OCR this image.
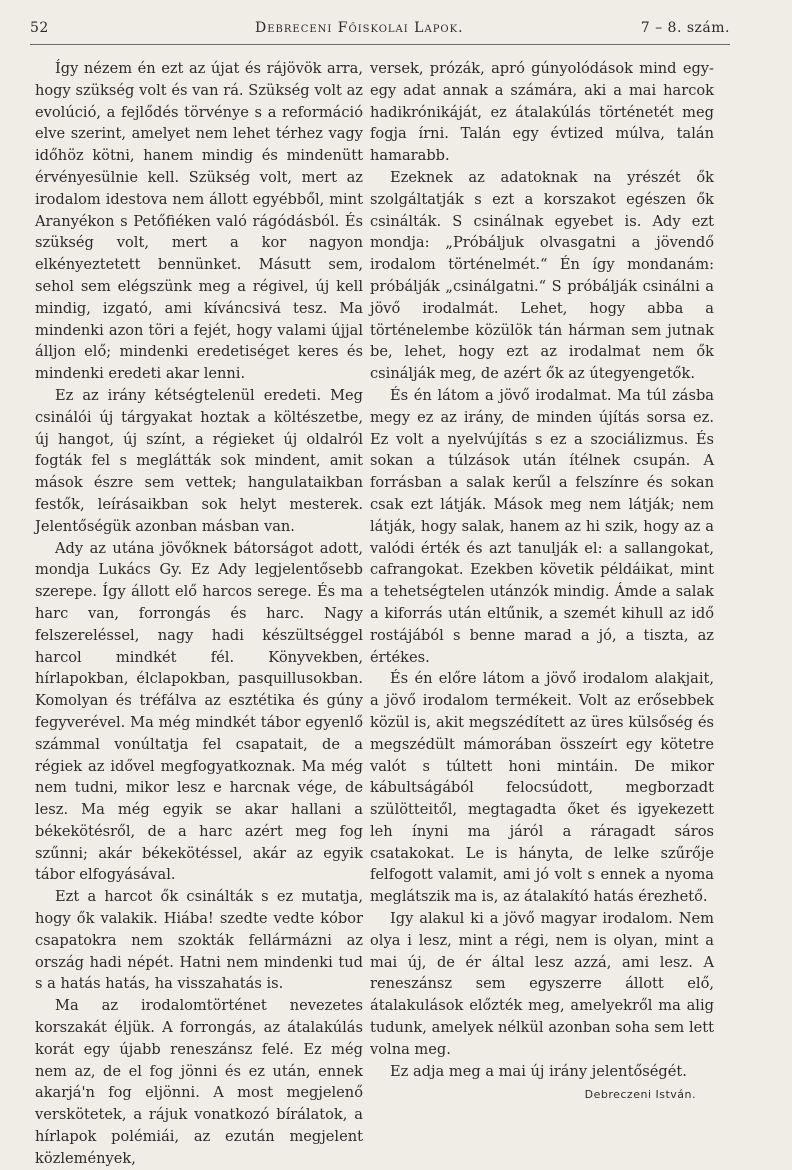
52	Debreceni Főiskolai Lapok.	7 – 8. szám.

Így nézem én ezt az újat és rájövök arra, hogy szükség volt és van rá. Szükség volt az evolúció, a fejlődés törvénye s a reformáció elve szerint, amelyet nem lehet térhez vagy időhöz kötni, hanem mindig és mindenütt érvényesülnie kell. Szükség volt, mert az irodalom idestova nem állott egyébből, mint Aranyékon s Petőfiéken való rágódásból. És szükség volt, mert a kor nagyon elkényeztetett bennünket. Másutt sem, sehol sem elégszünk meg a régivel, új kell mindig, izgató, ami kíváncsivá tesz. Ma mindenki azon töri a fejét, hogy valami újjal álljon elő; mindenki eredetiséget keres és mindenki eredeti akar lenni.

Ez az irány kétségtelenül eredeti. Meg csinálói új tárgyakat hoztak a költészetbe, új hangot, új színt, a régieket új oldalról fogták fel s meglátták sok mindent, amit mások észre sem vettek; hangulataikban festők, leírásaikban sok helyt mesterek. Jelentőségük azonban másban van.

Ady az utána jövőknek bátorságot adott, mondja Lukács Gy. Ez Ady legjelentősebb szerepe. Így állott elő harcos serege. És ma harc van, forrongás és harc. Nagy felszereléssel, nagy hadi készültséggel harcol mindkét fél. Könyvekben, hírlapokban, élclapokban, pasquillusokban. Komolyan és tréfálva az esztétika és gúny fegyverével. Ma még mindkét tábor egyenlő számmal vonúltatja fel csapatait, de a régiek az idővel megfogyatkoznak. Ma még nem tudni, mikor lesz e harcnak vége, de lesz. Ma még egyik se akar hallani a békekötésről, de a harc azért meg fog szűnni; akár békekötéssel, akár az egyik tábor elfogyásával.

Ezt a harcot ők csinálták s ez mutatja, hogy ők valakik. Hiába! szedte vedte kóbor csapatokra nem szokták fellármázni az ország hadi népét. Hatni nem mindenki tud s a hatás hatás, ha visszahatás is.

Ma az irodalomtörténet nevezetes korszakát éljük. A forrongás, az átalakúlás korát egy újabb reneszánsz felé. Ez még nem az, de el fog jönni és ez után, ennek akarjá'n fog eljönni. A most megjelenő verskötetek, a rájuk vonatkozó bírálatok, a hírlapok polémiái, az ezután megjelent közlemények,

versek, prózák, apró gúnyolódások mind egy-egy adat annak a számára, aki a mai harcok hadikrónikáját, ez átalakúlás történetét meg fogja írni. Talán egy évtized múlva, talán hamarabb.

Ezeknek az adatoknak na yrészét ők szolgáltatják s ezt a korszakot egészen ők csinálták. S csinálnak egyebet is. Ady ezt mondja: „Próbáljuk olvasgatni a jövendő irodalom történelmét.“ Én így mondanám: próbálják „csinálgatni.“ S próbálják csinálni a jövő irodalmát. Lehet, hogy abba a történelembe közülök tán hárman sem jutnak be, lehet, hogy ezt az irodalmat nem ők csinálják meg, de azért ők az útegyengetők.

És én látom a jövő irodalmat. Ma túl zásba megy ez az irány, de minden újítás sorsa ez. Ez volt a nyelvújítás s ez a szociálizmus. És sokan a túlzások után ítélnek csupán. A forrásban a salak kerűl a felszínre és sokan csak ezt látják. Mások meg nem látják; nem látják, hogy salak, hanem az hi szik, hogy az a valódi érték és azt tanulják el: a sallangokat, cafrangokat. Ezekben követik példáikat, mint a tehetségtelen utánzók mindig. Ámde a salak a kiforrás után eltűnik, a szemét kihull az idő rostájából s benne marad a jó, a tiszta, az értékes.

És én előre látom a jövő irodalom alakjait, a jövő irodalom termékeit. Volt az erősebbek közül is, akit megszédített az üres külsőség és megszédült mámorában összeírt egy kötetre valót s túltett honi mintáin. De mikor kábultságából felocsúdott, megborzadt szülötteitől, megtagadta őket és igyekezett leh ínyni ma járól a ráragadt sáros csatakokat. Le is hányta, de lelke szűrője felfogott valamit, ami jó volt s ennek a nyoma meglátszik ma is, az átalakító hatás érezhető.

Igy alakul ki a jövő magyar irodalom. Nem olya i lesz, mint a régi, nem is olyan, mint a mai új, de ér által lesz azzá, ami lesz. A reneszánsz sem egyszerre állott elő, átalakulások előzték meg, amelyekről ma alig tudunk, amelyek nélkül azonban soha sem lett volna meg.

Ez adja meg a mai új irány jelentőségét.

Debreczeni István.
